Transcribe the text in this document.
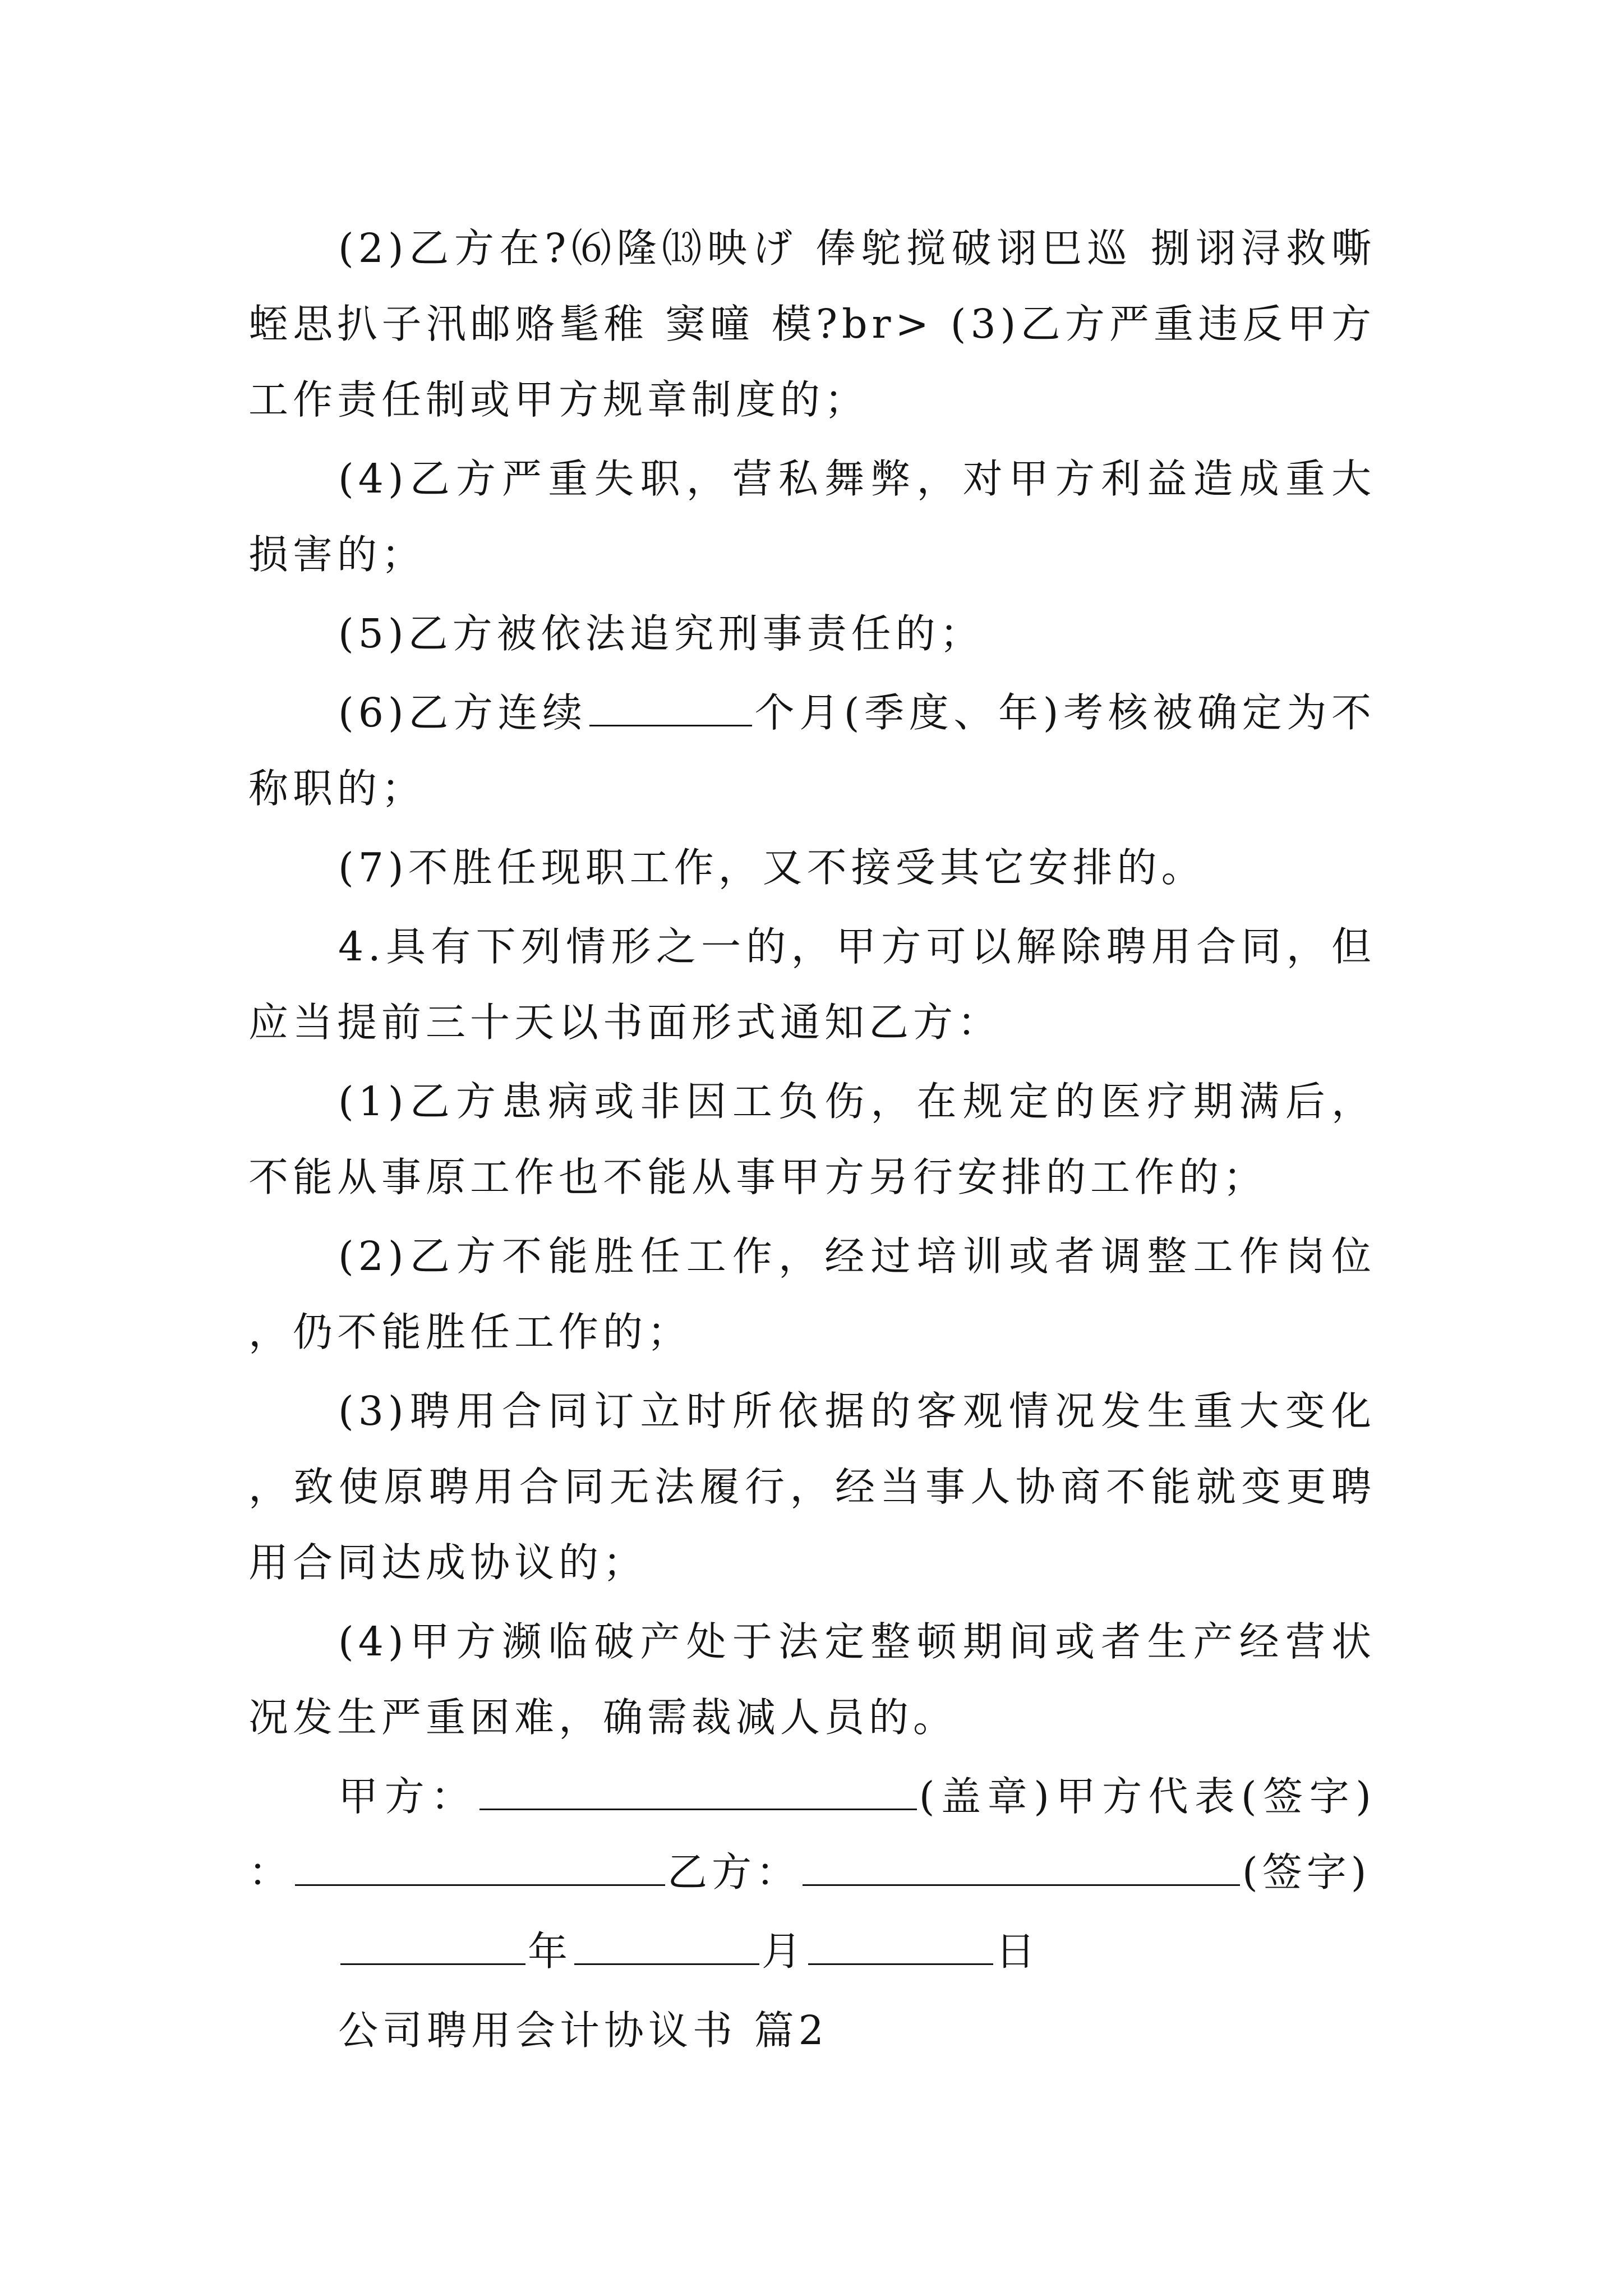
(2)乙方在?⑹隆⒀映げ 俸鸵搅破诩巴巡 捌诩浔救嘶蛭思扒子汛邮赂髦稚 窦曈 模?br> (3)乙方严重违反甲方工作责任制或甲方规章制度的；

(4)乙方严重失职，营私舞弊，对甲方利益造成重大损害的；

(5)乙方被依法追究刑事责任的；

(6)乙方连续	个月(季度、年)考核被确定为不称职的；

(7)不胜任现职工作，又不接受其它安排的。

4.具有下列情形之一的，甲方可以解除聘用合同，但应当提前三十天以书面形式通知乙方：

(1)乙方患病或非因工负伤，在规定的医疗期满后，不能从事原工作也不能从事甲方另行安排的工作的；

(2)乙方不能胜任工作，经过培训或者调整工作岗位，仍不能胜任工作的；

(3)聘用合同订立时所依据的客观情况发生重大变化，致使原聘用合同无法履行，经当事人协商不能就变更聘用合同达成协议的；

(4)甲方濒临破产处于法定整顿期间或者生产经营状况发生严重困难，确需裁减人员的。

甲方：	(盖章)甲方代表(签字)：	乙方：	(签字)

年	月	日

公司聘用会计协议书 篇2
